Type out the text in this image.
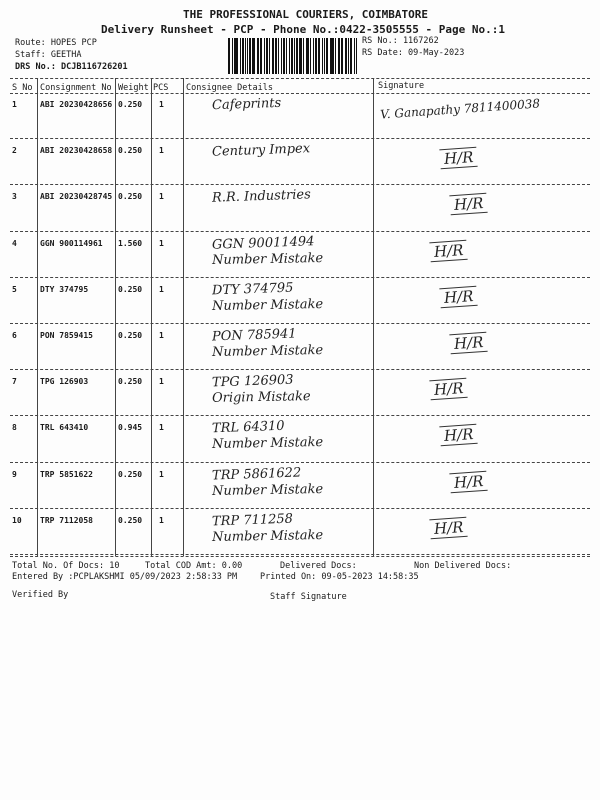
THE PROFESSIONAL COURIERS, COIMBATORE
Delivery Runsheet - PCP - Phone No.:0422-3505555 - Page No.:1
Route: HOPES PCP
Staff: GEETHA
DRS No.: DCJB116726201
RS No.: 1167262
RS Date: 09-May-2023
S No Consignment No Weight PCS Consignee Details	Signature
1	ABI 20230428656 0.250 1	Cafeprints	V. Ganapathy 7811400038
2	ABI 20230428658 0.250 1	Century Impex	H/R
3	ABI 20230428745 0.250 1	R.R. Industries	H/R
4	GGN 900114961 1.560 1	GGN 90011494
Number Mistake	H/R
5	DTY 374795	0.250 1	DTY 374795
Number Mistake	H/R
6	PON 7859415	0.250 1	PON 785941
Number Mistake	H/R
7	TPG 126903	0.250 1	TPG 126903
Origin Mistake	H/R
8	TRL 643410	0.945 1	TRL 64310
Number Mistake	H/R
9	TRP 5851622	0.250 1	TRP 5861622
Number Mistake	H/R
10 TRP 7112058	0.250 1	TRP 711258
Number Mistake	H/R
Total No. Of Docs: 10	Total COD Amt: 0.00	Delivered Docs:	Non Delivered Docs:
Entered By :PCPLAKSHMI 05/09/2023 2:58:33 PM	Printed On: 09-05-2023 14:58:35
Verified By	Staff Signature
